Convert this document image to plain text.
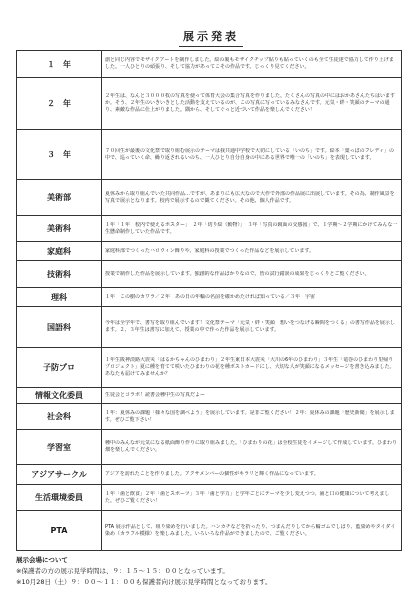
展示発表
１　年	創と同じ内容でモザイクアートを制作しました。絵の裏もモザイクチップ貼りも貼っていくのも全て生徒達で協力して作り上げました。一人ひとりの頑張り、そして協力があってこその作品です。じっくり見てください。

２　年	２年生は、なんと３０００枚の写真を使って体育大会の集合写真を作りました。たくさんの写真の中にはおかあさんたちはいますか。そう、２年生のいきいきとした活動を支えているのが、この写真に写っているみなさんです。元気・絆・笑顔のテーマの通り、素敵な作品に仕上がりました。隅から、そしてぐっと近づいて作品を楽しんでください！

３　年	７０回生が最後の文化祭で取り組む展示のテーマは我共通中学校で大切にしている「いのち」です。絵本「葉っぱのフレディ」の中で、巡っていく命、繰り返されるいのち、一人ひとり自分自身の中にある世界で唯一の「いのち」を表現しています。

美術部	夏休みから取り組んでいた共同作品…ですが、あまりにも広大なので大作で外部の作品展に出展しています。その為、制作風景を写真で展示となります。校内で展示するので観てください。その他、個人作品です。

美術科	１年「１年　校内で使えるポスター」　２年「切り絵（動物）」　３年「写真の鏡面の交感図」で、１学期〜２学期にかけてみんな一生懸命制作していた作品です。

家庭科	家庭科部でつくったハロウィン飾りや、家庭科の授業でつくった作品などを展示しています。

技術科	授業で制作した作品を展示しています。独創的な作品ばかりなので、皆の試行錯誤の成果をじっくりとご覧ください。

理科	１年　この樹のカワラ／２年　あの日の年輪の名前を確かめたければ知っている／３年　宇宙

国語科	今年は全学年で、書写を取り組んでいます！文化祭テーマ「元気・絆・笑顔　想いをつなげる瞬間をつくる」の書写作品を展示します。２、３年生は書写に加えて、授業の中で作った作品を展示しています。

子防プロ	１年生阪神淡路大震災「はるかちゃんのひまわり」２年生東日本大震災「大川の6年のひまわり」３年生「竜巻のひまわり里帰りプロジェクト」夏に種を育てて咲いたひまわりの花を種ボストカードにし、大切な人が笑顔になるメッセージを書き込みました。あなたも届けてみませんか？

情報文化委員	生徒会とコラボ！読書会種中生の写真だよー

社会科	１年：夏休みの課題「様々な国を調べよう」を展示しています。是非ご覧ください！２年：夏休みの課題「歴史新聞」を展示します。ぜひご覧下さい！

学習室	種中のみんなが元気になる紙面飾り作りに取り組みました。「ひまわりの花」は全校生徒をイメージして作成しています。ひまわり畑を楽しんでください。

アジアサークル	アジアを訪れたことを作りました。アクサメンバーの個性がキラリと輝く作品になっています。

生活環境委員	１年「歯と飲食」２年「歯とスポーツ」３年「歯と学力」と学年ごとにテーマを少し変えつつ、歯と口の健康について考えました。ぜひご覧ください！

PTA	PTA 展示作品として、組り染めを行いました。ハンカチなどを折ったり、つまんだりしてから輪ゴムでしばり、藍染めやタイダイ染め（カラフル模様）を楽しみました。いろいろな作品ができましたので、ご覧ください。
展示会場について
※保護者の方の展示見学時間は、９：１５～１５：００となっています。
※10月28日（土）９：００～１１：００も保護者向け展示見学時間となっております。
